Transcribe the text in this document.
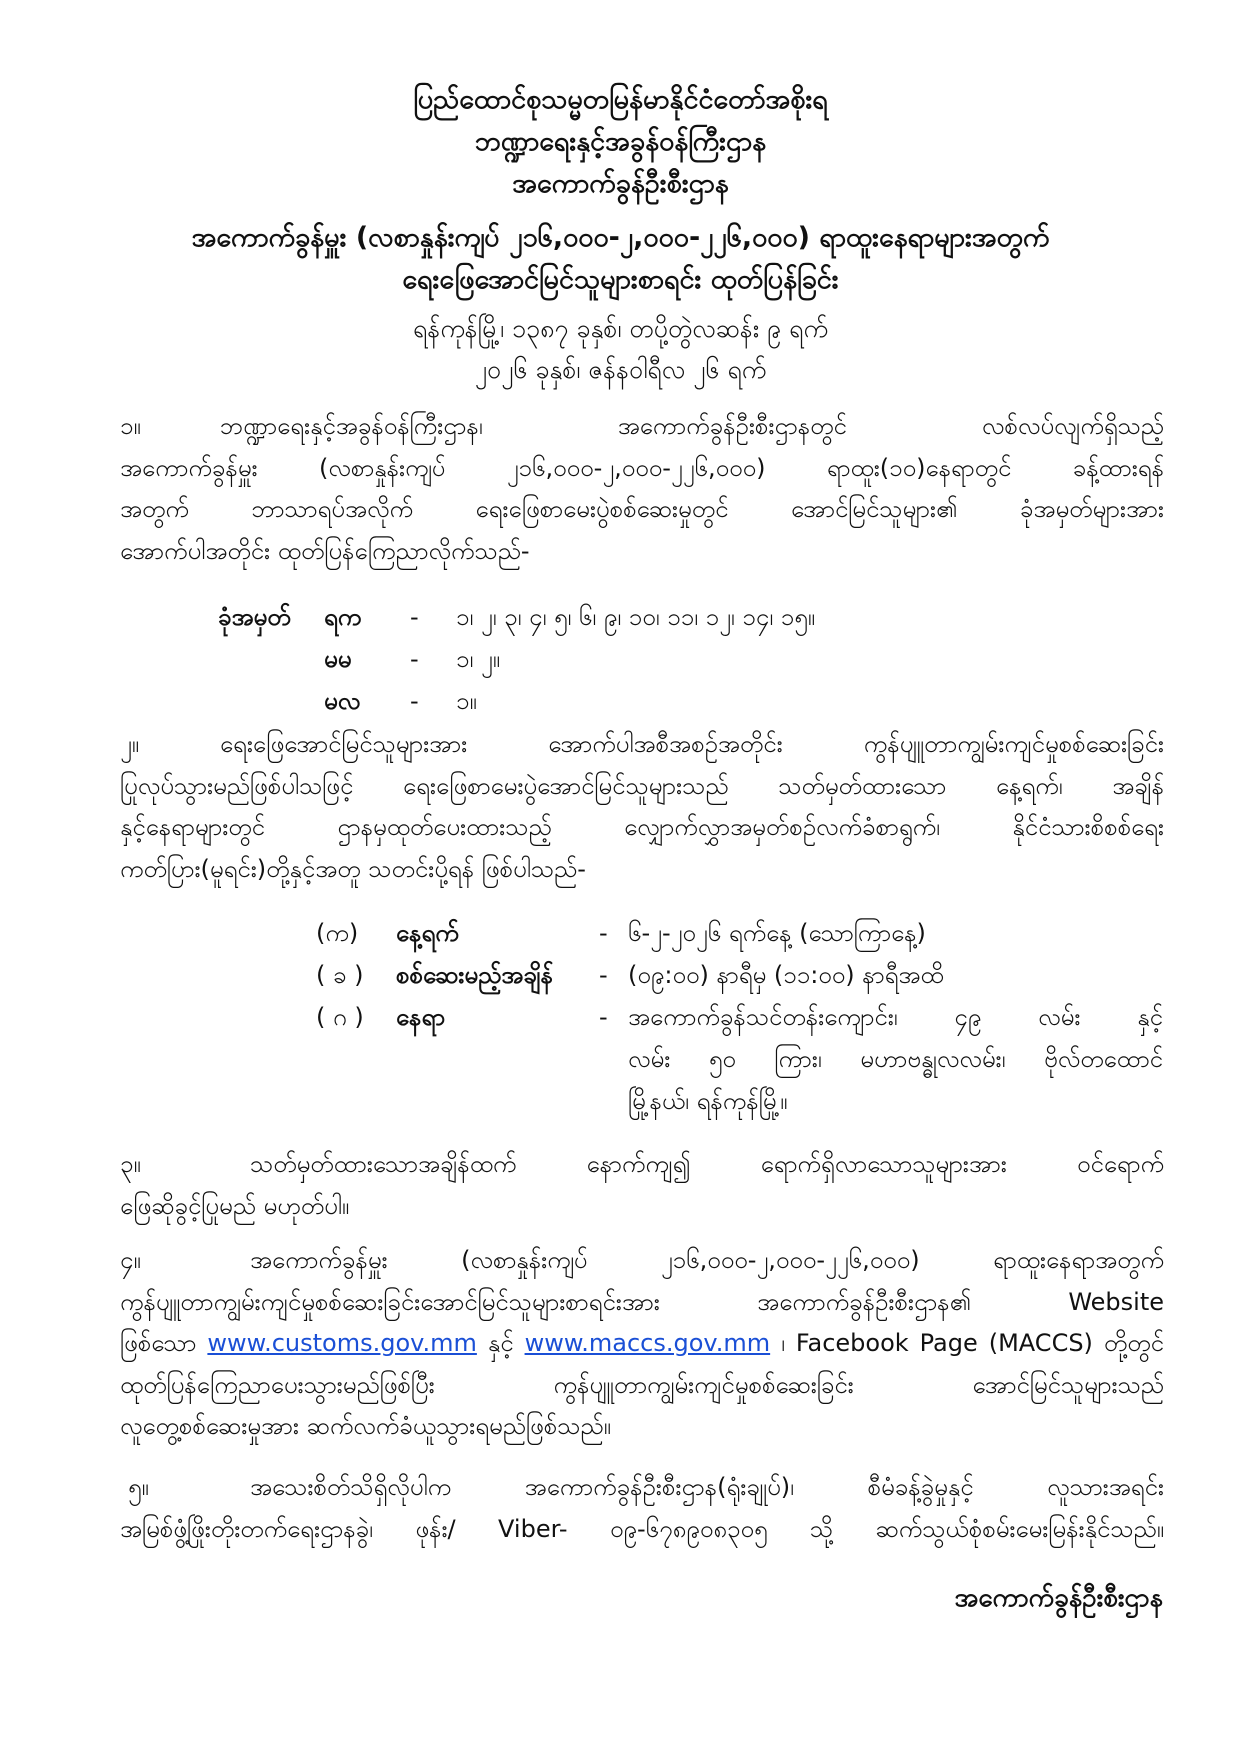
ပြည်ထောင်စုသမ္မတမြန်မာနိုင်ငံတော်အစိုးရ
ဘဏ္ဍာရေးနှင့်အခွန်ဝန်ကြီးဌာန
အကောက်ခွန်ဦးစီးဌာန
အကောက်ခွန်မှူး (လစာနှုန်းကျပ် ၂၁၆,၀၀၀-၂,၀၀၀-၂၂၆,၀၀၀) ရာထူးနေရာများအတွက်
ရေးဖြေအောင်မြင်သူများစာရင်း ထုတ်ပြန်ခြင်း
ရန်ကုန်မြို့၊ ၁၃၈၇ ခုနှစ်၊ တပို့တွဲလဆန်း ၉ ရက်
၂၀၂၆ ခုနှစ်၊ ဇန်နဝါရီလ ၂၆ ရက်
၁။	ဘဏ္ဍာရေးနှင့်အခွန်ဝန်ကြီးဌာန၊ အကောက်ခွန်ဦးစီးဌာနတွင် လစ်လပ်လျက်ရှိသည့်
အကောက်ခွန်မှူး (လစာနှုန်းကျပ် ၂၁၆,၀၀၀-၂,၀၀၀-၂၂၆,၀၀၀) ရာထူး(၁၀)နေရာတွင် ခန့်ထားရန်
အတွက် ဘာသာရပ်အလိုက် ရေးဖြေစာမေးပွဲစစ်ဆေးမှုတွင် အောင်မြင်သူများ၏ ခုံအမှတ်များအား
အောက်ပါအတိုင်း ထုတ်ပြန်ကြေညာလိုက်သည်-
ခုံအမှတ် ရက - ၁၊ ၂၊ ၃၊ ၄၊ ၅၊ ၆၊ ၉၊ ၁၀၊ ၁၁၊ ၁၂၊ ၁၄၊ ၁၅။
မမ - ၁၊ ၂။
မလ - ၁။
၂။	ရေးဖြေအောင်မြင်သူများအား အောက်ပါအစီအစဉ်အတိုင်း ကွန်ပျူတာကျွမ်းကျင်မှုစစ်ဆေးခြင်း
ပြုလုပ်သွားမည်ဖြစ်ပါသဖြင့် ရေးဖြေစာမေးပွဲအောင်မြင်သူများသည် သတ်မှတ်ထားသော နေ့ရက်၊ အချိန်
နှင့်နေရာများတွင် ဌာနမှထုတ်ပေးထားသည့် လျှောက်လွှာအမှတ်စဉ်လက်ခံစာရွက်၊ နိုင်ငံသားစိစစ်ရေး
ကတ်ပြား(မူရင်း)တို့နှင့်အတူ သတင်းပို့ရန် ဖြစ်ပါသည်-
(က) နေ့ရက်	- ၆-၂-၂၀၂၆ ရက်နေ့ (သောကြာနေ့)
( ခ ) စစ်ဆေးမည့်အချိန် - (၀၉:၀၀) နာရီမှ (၁၁:၀၀) နာရီအထိ
( ဂ ) နေရာ	- အကောက်ခွန်သင်တန်းကျောင်း၊ ၄၉ လမ်း နှင့်
လမ်း ၅၀ ကြား၊ မဟာဗန္ဓုလလမ်း၊ ဗိုလ်တထောင်
မြို့နယ်၊ ရန်ကုန်မြို့။
၃။	သတ်မှတ်ထားသောအချိန်ထက် နောက်ကျ၍ ရောက်ရှိလာသောသူများအား ဝင်ရောက်
ဖြေဆိုခွင့်ပြုမည် မဟုတ်ပါ။
၄။	အကောက်ခွန်မှူး (လစာနှုန်းကျပ် ၂၁၆,၀၀၀-၂,၀၀၀-၂၂၆,၀၀၀) ရာထူးနေရာအတွက်
ကွန်ပျူတာကျွမ်းကျင်မှုစစ်ဆေးခြင်းအောင်မြင်သူများစာရင်းအား အကောက်ခွန်ဦးစီးဌာန၏ Website
ဖြစ်သော www.customs.gov.mm နှင့် www.maccs.gov.mm ၊ Facebook Page (MACCS) တို့တွင်
ထုတ်ပြန်ကြေညာပေးသွားမည်ဖြစ်ပြီး ကွန်ပျူတာကျွမ်းကျင်မှုစစ်ဆေးခြင်း အောင်မြင်သူများသည်
လူတွေ့စစ်ဆေးမှုအား ဆက်လက်ခံယူသွားရမည်ဖြစ်သည်။
၅။	အသေးစိတ်သိရှိလိုပါက အကောက်ခွန်ဦးစီးဌာန(ရုံးချုပ်)၊ စီမံခန့်ခွဲမှုနှင့် လူသားအရင်း
အမြစ်ဖွံ့ဖြိုးတိုးတက်ရေးဌာနခွဲ၊ ဖုန်း/ Viber- ၀၉-၆၇၈၉၀၈၃၀၅ သို့ ဆက်သွယ်စုံစမ်းမေးမြန်းနိုင်သည်။
အကောက်ခွန်ဦးစီးဌာန
